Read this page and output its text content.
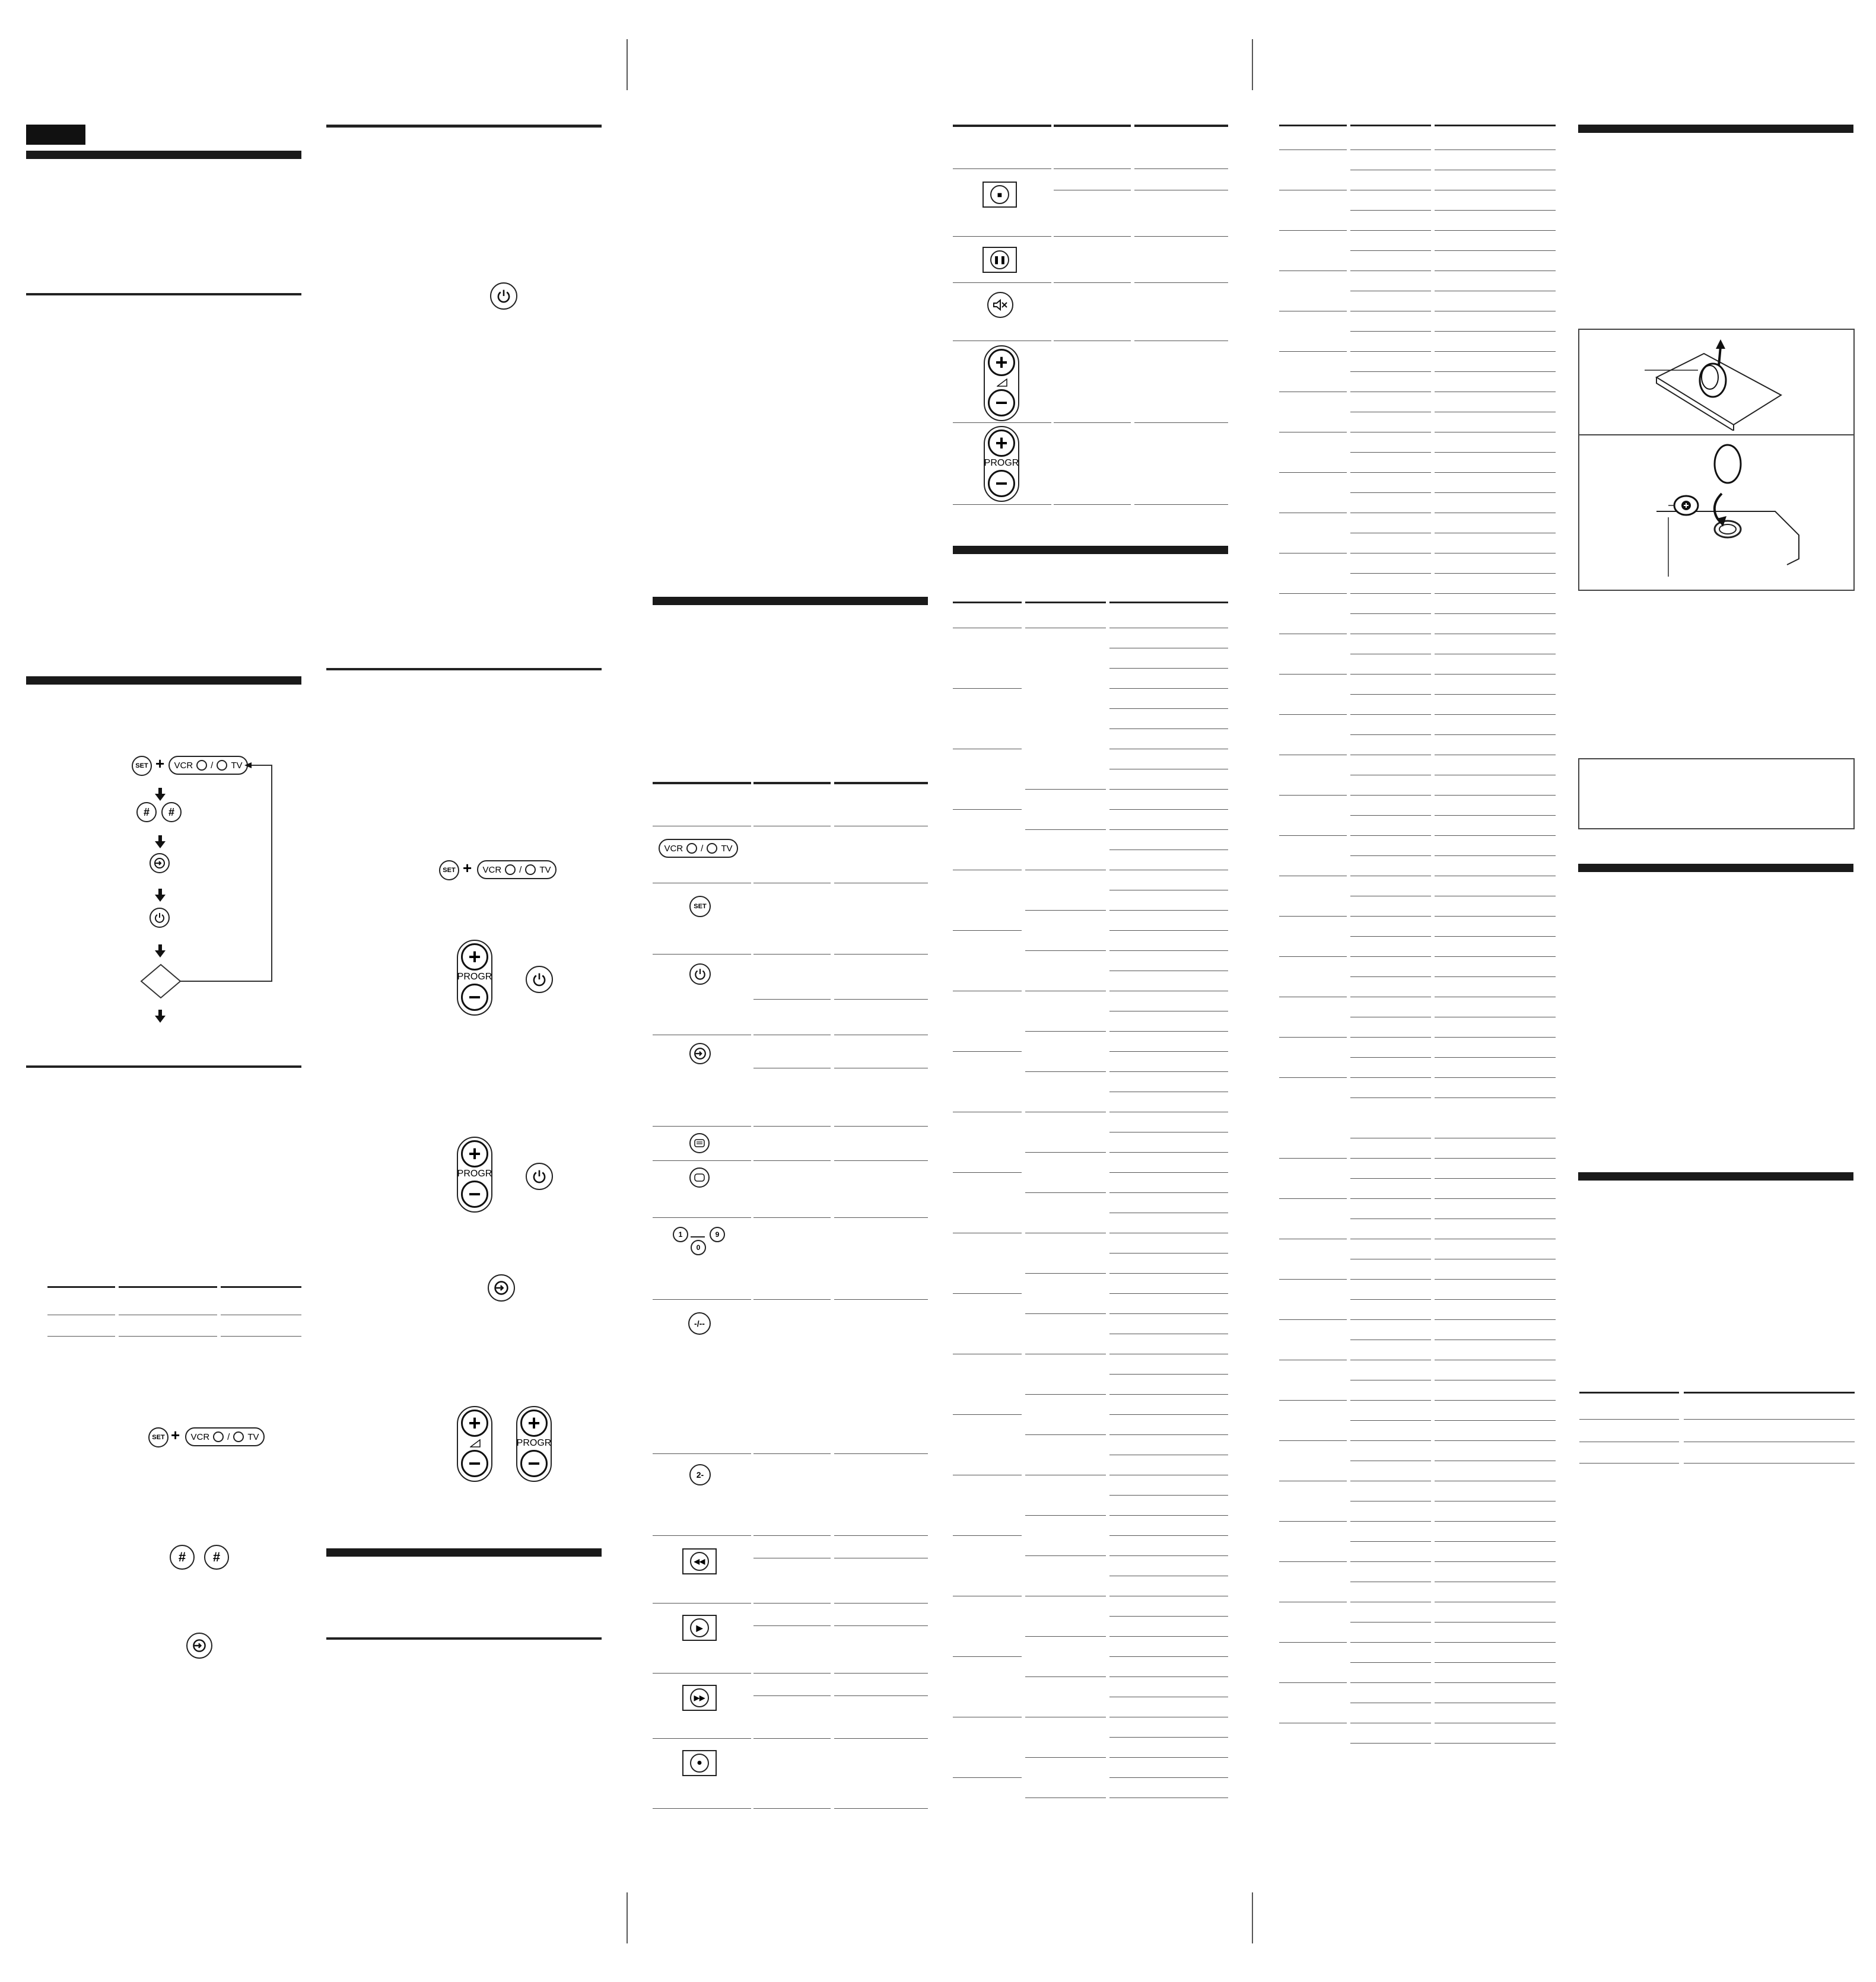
SET + VCR / TV
#	#
SET + VCR / TV
#	#
SET + VCR / TV
+
PROGR
−
+
PROGR
−
+
−
+
PROGR
−
VCR / TV
SET
1
0
9
-/--
2-
◀◀
▶
▶▶
●
■
❚❚
+
−
+
PROGR
−
